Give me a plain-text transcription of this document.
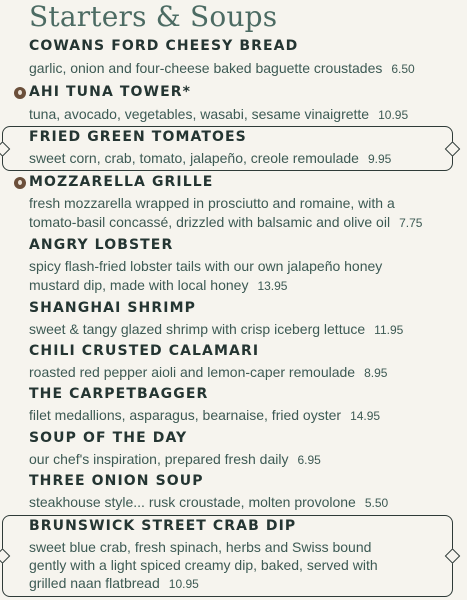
Starters & Soups
COWANS FORD CHEESY BREAD
garlic, onion and four-cheese baked baguette croustades 6.50
AHI TUNA TOWER*
tuna, avocado, vegetables, wasabi, sesame vinaigrette 10.95
FRIED GREEN TOMATOES
sweet corn, crab, tomato, jalapeño, creole remoulade 9.95
MOZZARELLA GRILLE
fresh mozzarella wrapped in prosciutto and romaine, with a
tomato-basil concassé, drizzled with balsamic and olive oil 7.75
ANGRY LOBSTER
spicy flash-fried lobster tails with our own jalapeño honey
mustard dip, made with local honey 13.95
SHANGHAI SHRIMP
sweet & tangy glazed shrimp with crisp iceberg lettuce 11.95
CHILI CRUSTED CALAMARI
roasted red pepper aioli and lemon-caper remoulade 8.95
THE CARPETBAGGER
filet medallions, asparagus, bearnaise, fried oyster 14.95
SOUP OF THE DAY
our chef's inspiration, prepared fresh daily 6.95
THREE ONION SOUP
steakhouse style... rusk croustade, molten provolone 5.50
BRUNSWICK STREET CRAB DIP
sweet blue crab, fresh spinach, herbs and Swiss bound
gently with a light spiced creamy dip, baked, served with
grilled naan flatbread 10.95
